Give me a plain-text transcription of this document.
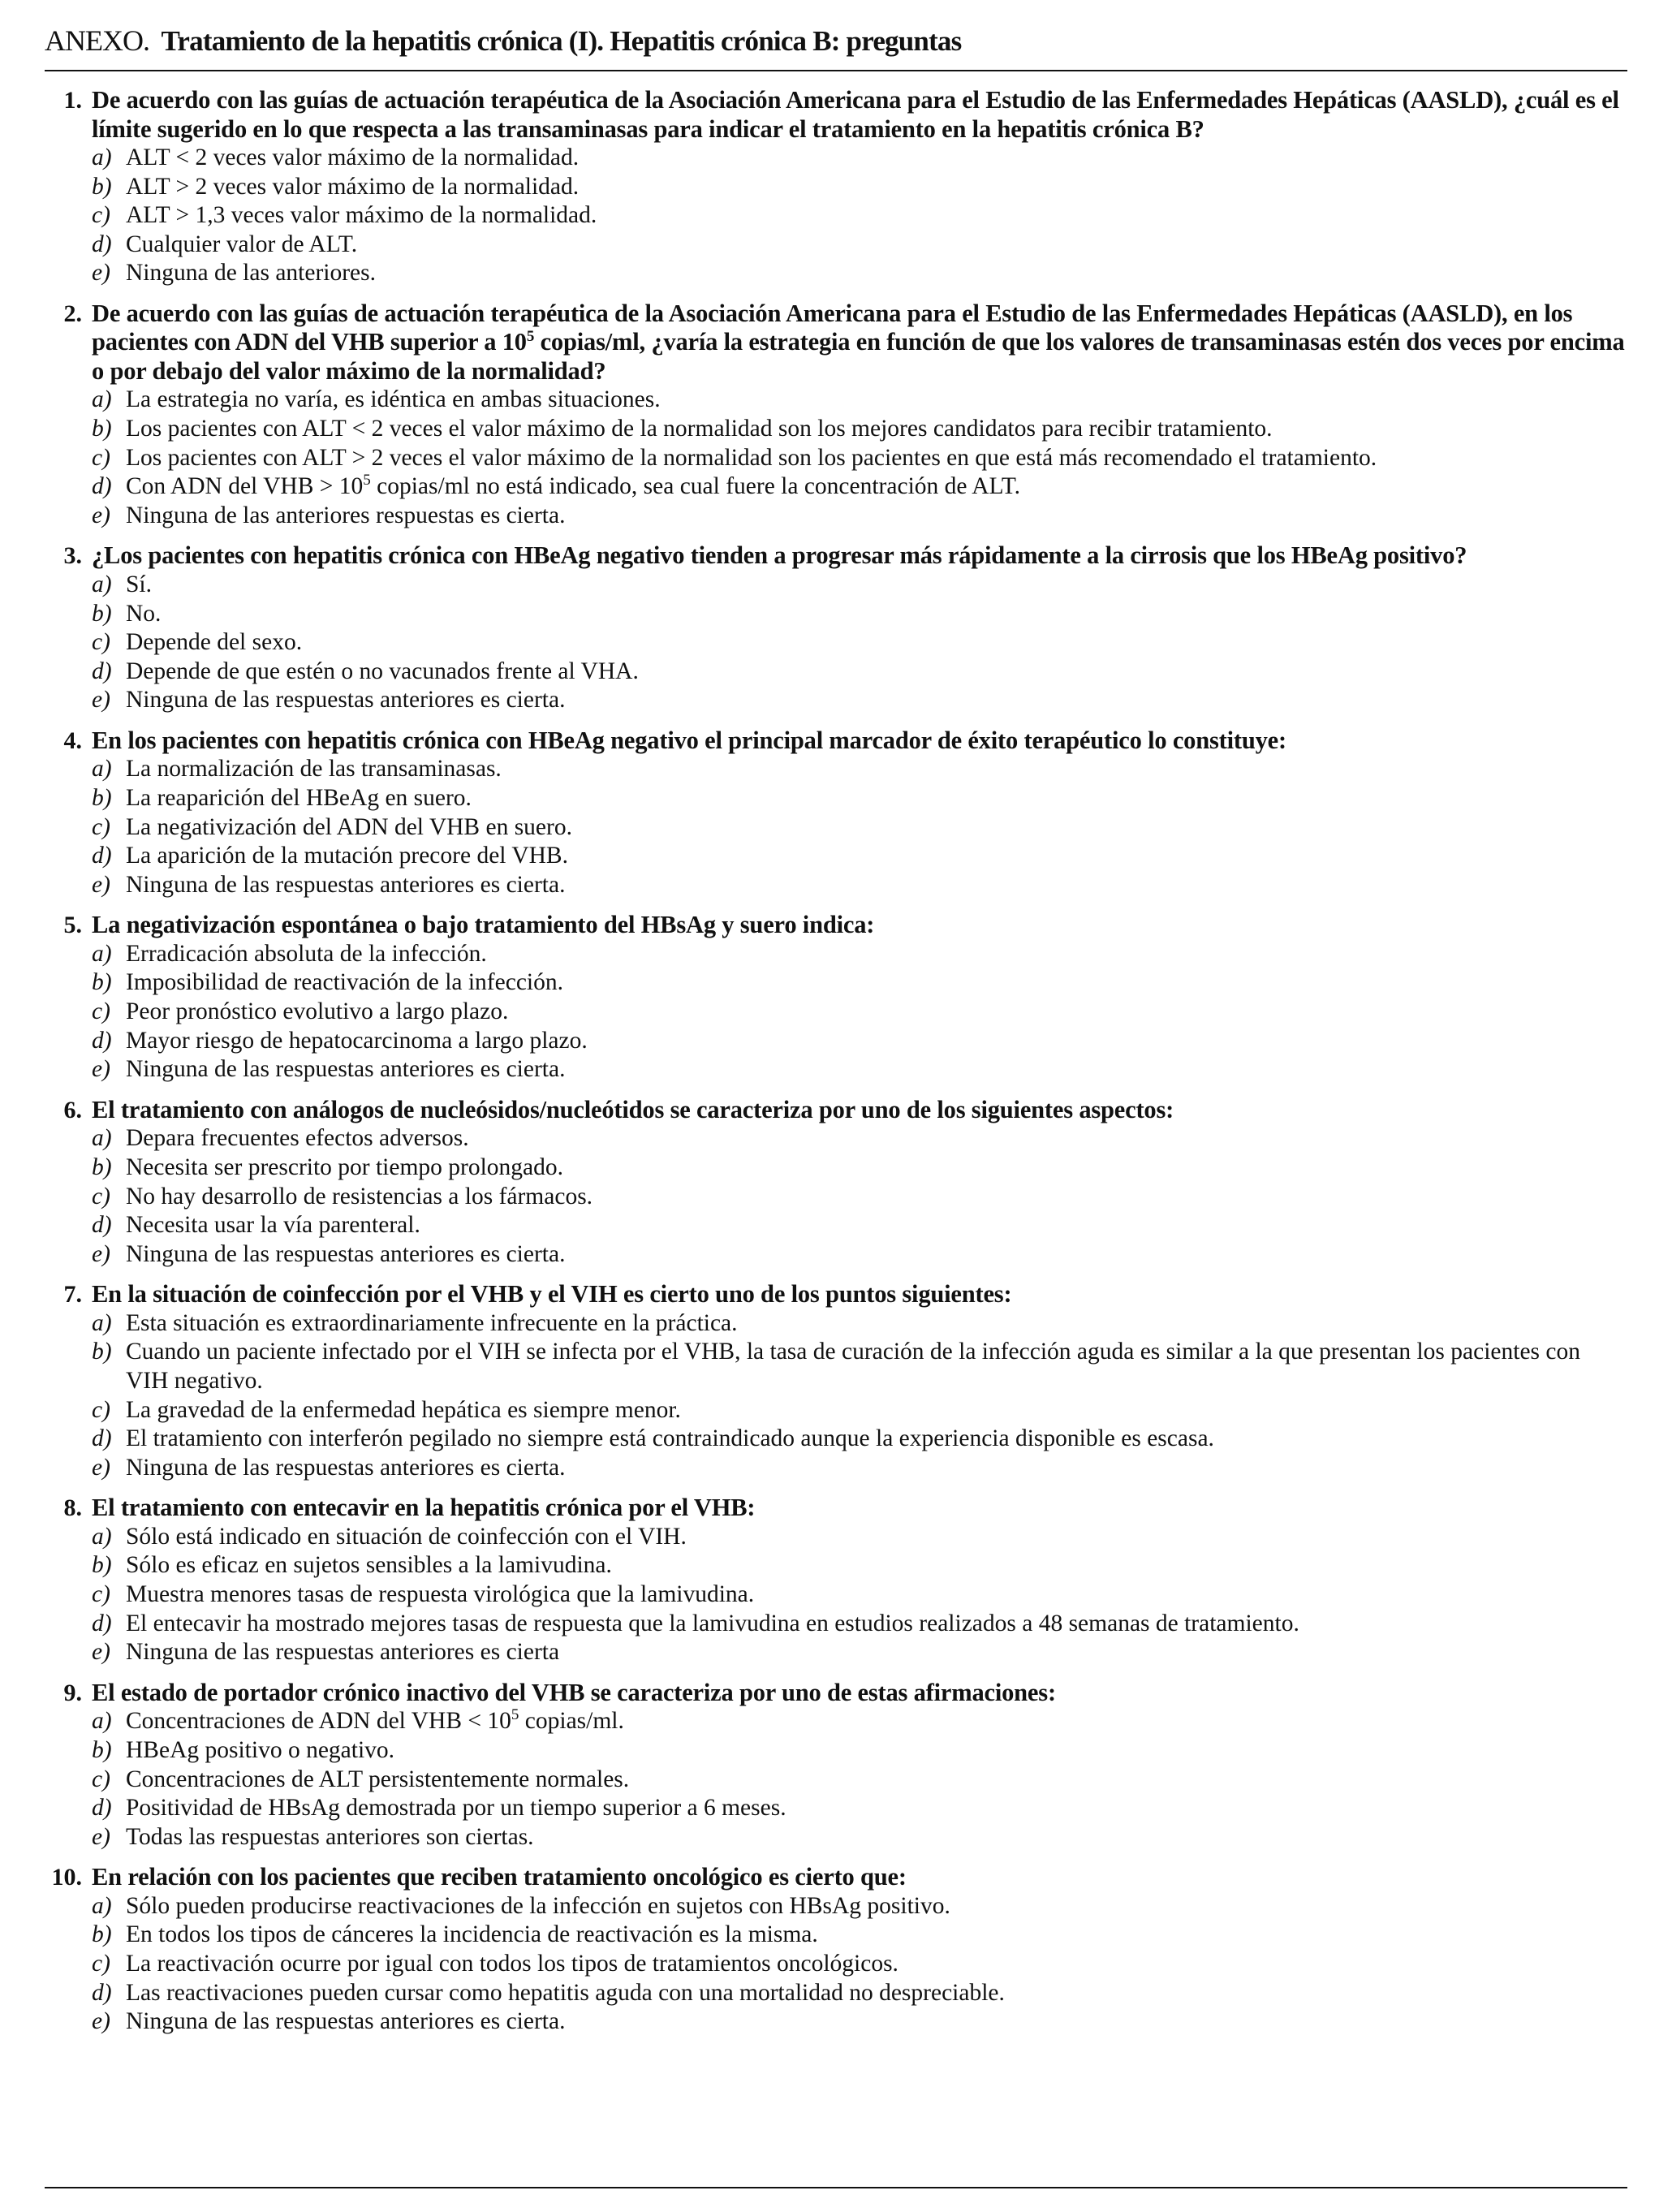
ANEXO. Tratamiento de la hepatitis crónica (I). Hepatitis crónica B: preguntas
1. De acuerdo con las guías de actuación terapéutica de la Asociación Americana para el Estudio de las Enfermedades Hepáticas (AASLD), ¿cuál es el límite sugerido en lo que respecta a las transaminasas para indicar el tratamiento en la hepatitis crónica B?
a) ALT < 2 veces valor máximo de la normalidad.
b) ALT > 2 veces valor máximo de la normalidad.
c) ALT > 1,3 veces valor máximo de la normalidad.
d) Cualquier valor de ALT.
e) Ninguna de las anteriores.
2. De acuerdo con las guías de actuación terapéutica de la Asociación Americana para el Estudio de las Enfermedades Hepáticas (AASLD), en los pacientes con ADN del VHB superior a $10^5$ copias/ml, ¿varía la estrategia en función de que los valores de transaminasas estén dos veces por encima o por debajo del valor máximo de la normalidad?
a) La estrategia no varía, es idéntica en ambas situaciones.
b) Los pacientes con ALT < 2 veces el valor máximo de la normalidad son los mejores candidatos para recibir tratamiento.
c) Los pacientes con ALT > 2 veces el valor máximo de la normalidad son los pacientes en que está más recomendado el tratamiento.
d) Con ADN del VHB > $10^5$ copias/ml no está indicado, sea cual fuere la concentración de ALT.
e) Ninguna de las anteriores respuestas es cierta.
3. ¿Los pacientes con hepatitis crónica con HBeAg negativo tienden a progresar más rápidamente a la cirrosis que los HBeAg positivo?
a) Sí.
b) No.
c) Depende del sexo.
d) Depende de que estén o no vacunados frente al VHA.
e) Ninguna de las respuestas anteriores es cierta.
4. En los pacientes con hepatitis crónica con HBeAg negativo el principal marcador de éxito terapéutico lo constituye:
a) La normalización de las transaminasas.
b) La reaparición del HBeAg en suero.
c) La negativización del ADN del VHB en suero.
d) La aparición de la mutación precore del VHB.
e) Ninguna de las respuestas anteriores es cierta.
5. La negativización espontánea o bajo tratamiento del HBsAg y suero indica:
a) Erradicación absoluta de la infección.
b) Imposibilidad de reactivación de la infección.
c) Peor pronóstico evolutivo a largo plazo.
d) Mayor riesgo de hepatocarcinoma a largo plazo.
e) Ninguna de las respuestas anteriores es cierta.
6. El tratamiento con análogos de nucleósidos/nucleótidos se caracteriza por uno de los siguientes aspectos:
a) Depara frecuentes efectos adversos.
b) Necesita ser prescrito por tiempo prolongado.
c) No hay desarrollo de resistencias a los fármacos.
d) Necesita usar la vía parenteral.
e) Ninguna de las respuestas anteriores es cierta.
7. En la situación de coinfección por el VHB y el VIH es cierto uno de los puntos siguientes:
a) Esta situación es extraordinariamente infrecuente en la práctica.
b) Cuando un paciente infectado por el VIH se infecta por el VHB, la tasa de curación de la infección aguda es similar a la que presentan los pacientes con VIH negativo.
c) La gravedad de la enfermedad hepática es siempre menor.
d) El tratamiento con interferón pegilado no siempre está contraindicado aunque la experiencia disponible es escasa.
e) Ninguna de las respuestas anteriores es cierta.
8. El tratamiento con entecavir en la hepatitis crónica por el VHB:
a) Sólo está indicado en situación de coinfección con el VIH.
b) Sólo es eficaz en sujetos sensibles a la lamivudina.
c) Muestra menores tasas de respuesta virológica que la lamivudina.
d) El entecavir ha mostrado mejores tasas de respuesta que la lamivudina en estudios realizados a 48 semanas de tratamiento.
e) Ninguna de las respuestas anteriores es cierta
9. El estado de portador crónico inactivo del VHB se caracteriza por uno de estas afirmaciones:
a) Concentraciones de ADN del VHB < $10^5$ copias/ml.
b) HBeAg positivo o negativo.
c) Concentraciones de ALT persistentemente normales.
d) Positividad de HBsAg demostrada por un tiempo superior a 6 meses.
e) Todas las respuestas anteriores son ciertas.
10. En relación con los pacientes que reciben tratamiento oncológico es cierto que:
a) Sólo pueden producirse reactivaciones de la infección en sujetos con HBsAg positivo.
b) En todos los tipos de cánceres la incidencia de reactivación es la misma.
c) La reactivación ocurre por igual con todos los tipos de tratamientos oncológicos.
d) Las reactivaciones pueden cursar como hepatitis aguda con una mortalidad no despreciable.
e) Ninguna de las respuestas anteriores es cierta.
